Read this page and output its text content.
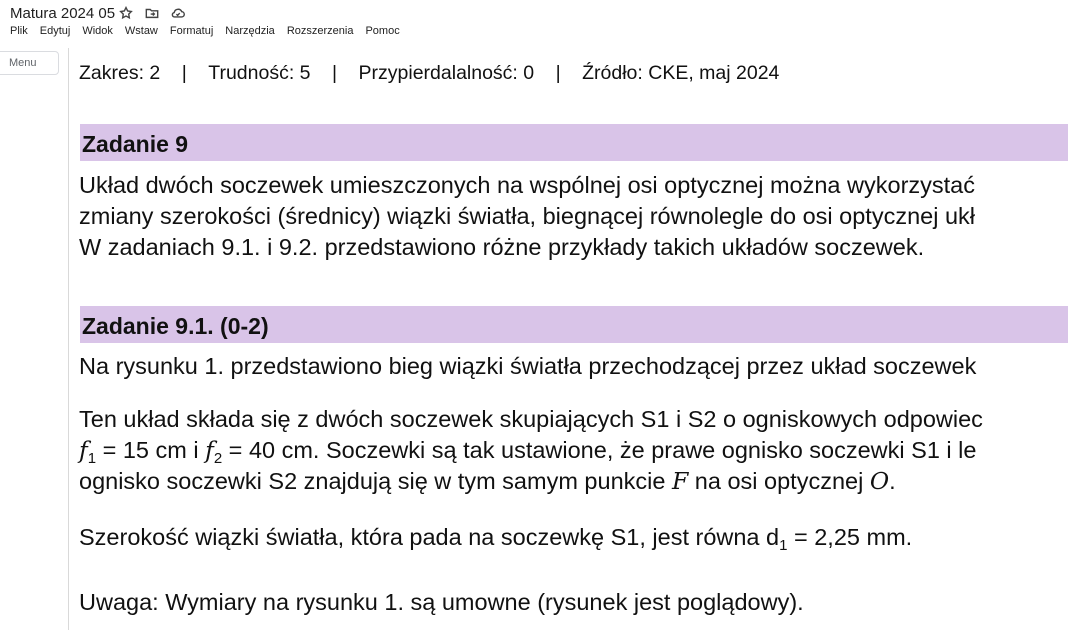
Matura 2024 05
Plik	Edytuj	Widok	Wstaw	Formatuj	Narzędzia	Rozszerzenia	Pomoc
Menu Zakres: 2 | Trudność: 5 | Przypierdalalność: 0 | Źródło: CKE, maj 2024
Zadanie 9
Układ dwóch soczewek umieszczonych na wspólnej osi optycznej można wykorzystać
zmiany szerokości (średnicy) wiązki światła, biegnącej równolegle do osi optycznej ukł
W zadaniach 9.1. i 9.2. przedstawiono różne przykłady takich układów soczewek.
Zadanie 9.1. (0-2)
Na rysunku 1. przedstawiono bieg wiązki światła przechodzącej przez układ soczewek
Ten układ składa się z dwóch soczewek skupiających S1 i S2 o ogniskowych odpowiec
$f_1 = 15$ cm i $f_2 = 40$ cm. Soczewki są tak ustawione, że prawe ognisko soczewki S1 i le
ognisko soczewki S2 znajdują się w tym samym punkcie F na osi optycznej O.
Szerokość wiązki światła, która pada na soczewkę S1, jest równa $d_1 = 2,25$ mm.
Uwaga: Wymiary na rysunku 1. są umowne (rysunek jest poglądowy).
